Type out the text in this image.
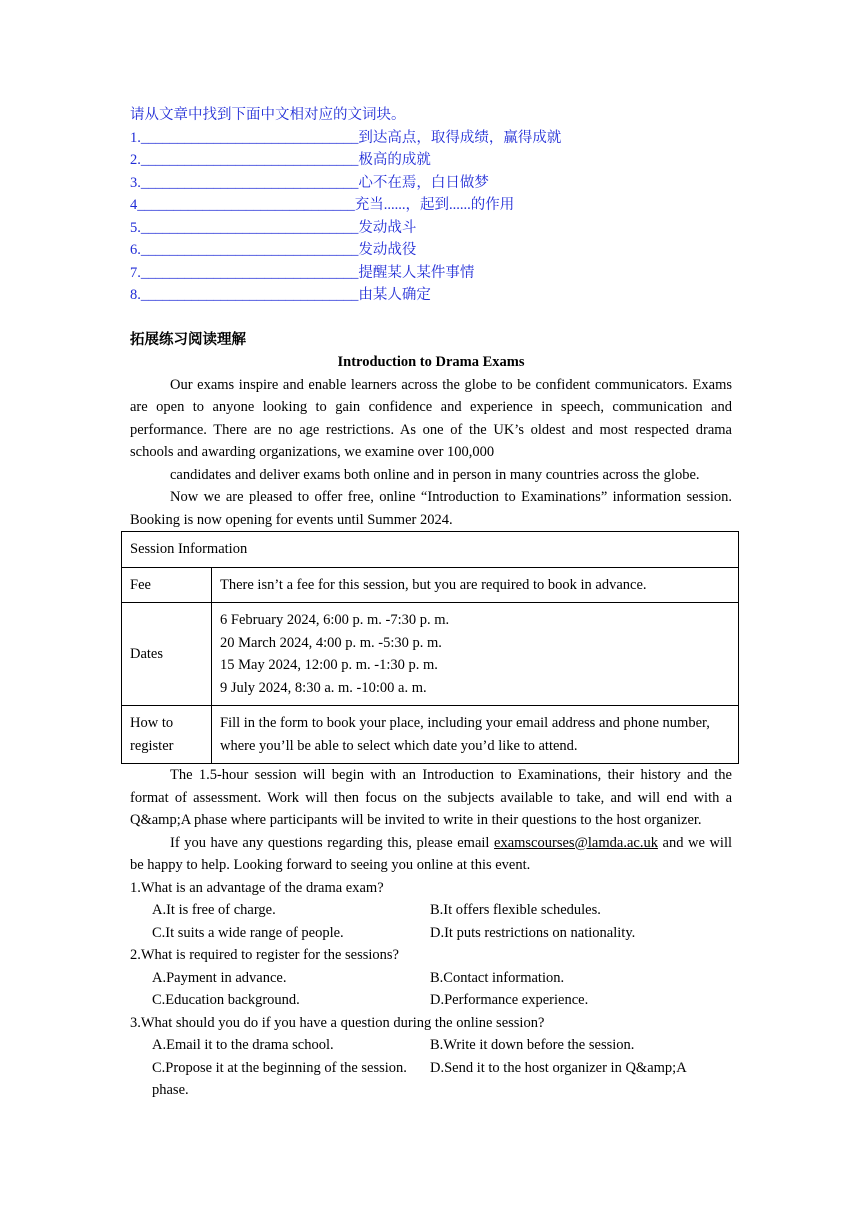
请从文章中找到下面中文相对应的文词块。
1.______________________________到达高点，取得成绩，赢得成就
2.______________________________极高的成就
3.______________________________心不在焉，白日做梦
4______________________________充当......，起到......的作用
5.______________________________发动战斗
6.______________________________发动战役
7.______________________________提醒某人某件事情
8.______________________________由某人确定
拓展练习阅读理解
Introduction to Drama Exams
Our exams inspire and enable learners across the globe to be confident communicators. Exams are open to anyone looking to gain confidence and experience in speech, communication and performance. There are no age restrictions. As one of the UK’s oldest and most respected drama schools and awarding organizations, we examine over 100,000
candidates and deliver exams both online and in person in many countries across the globe.
Now we are pleased to offer free, online “Introduction to Examinations” information session. Booking is now opening for events until Summer 2024.
Session Information	
Fee	There isn’t a fee for this session, but you are required to book in advance.
Dates	6 February 2024, 6:00 p. m. -7:30 p. m.
20 March 2024, 4:00 p. m. -5:30 p. m.
15 May 2024, 12:00 p. m. -1:30 p. m.
9 July 2024, 8:30 a. m. -10:00 a. m.

How to
register	Fill in the form to book your place, including your email address and phone number, where you’ll be able to select which date you’d like to attend.
The 1.5-hour session will begin with an Introduction to Examinations, their history and the format of assessment. Work will then focus on the subjects available to take, and will end with a Q&amp;A phase where participants will be invited to write in their questions to the host organizer.
If you have any questions regarding this, please email examscourses@lamda.ac.uk and we will be happy to help. Looking forward to seeing you online at this event.
1.What is an advantage of the drama exam?
A.It is free of charge.	B.It offers flexible schedules.
C.It suits a wide range of people.	D.It puts restrictions on nationality.
2.What is required to register for the sessions?
A.Payment in advance.	B.Contact information.
C.Education background.	D.Performance experience.
3.What should you do if you have a question during the online session?
A.Email it to the drama school.	B.Write it down before the session.
C.Propose it at the beginning of the session.	D.Send it to the host organizer in Q&amp;A
phase.
